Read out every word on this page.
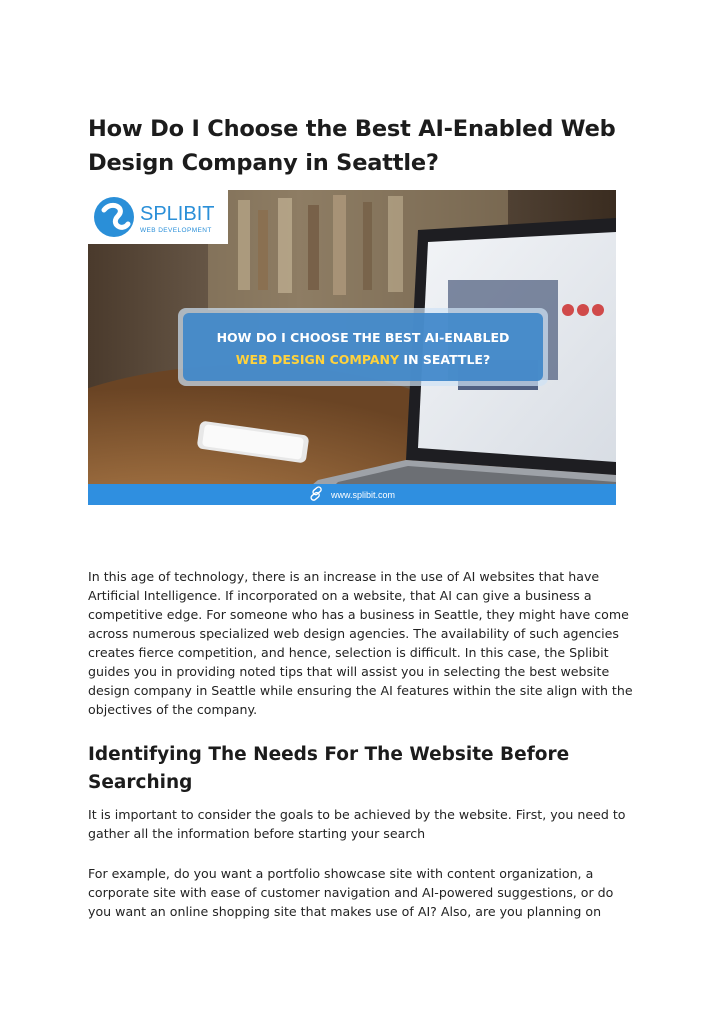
How Do I Choose the Best AI-Enabled Web Design Company in Seattle?
SPLIBIT
WEB DEVELOPMENT
HOW DO I CHOOSE THE BEST AI-ENABLED
WEB DESIGN COMPANY IN SEATTLE?
www.splibit.com

In this age of technology, there is an increase in the use of AI websites that have Artificial Intelligence. If incorporated on a website, that AI can give a business a competitive edge. For someone who has a business in Seattle, they might have come across numerous specialized web design agencies. The availability of such agencies creates fierce competition, and hence, selection is difficult. In this case, the Splibit guides you in providing noted tips that will assist you in selecting the best website design company in Seattle while ensuring the AI features within the site align with the objectives of the company.

Identifying The Needs For The Website Before Searching

It is important to consider the goals to be achieved by the website. First, you need to gather all the information before starting your search

For example, do you want a portfolio showcase site with content organization, a corporate site with ease of customer navigation and AI-powered suggestions, or do you want an online shopping site that makes use of AI? Also, are you planning on
